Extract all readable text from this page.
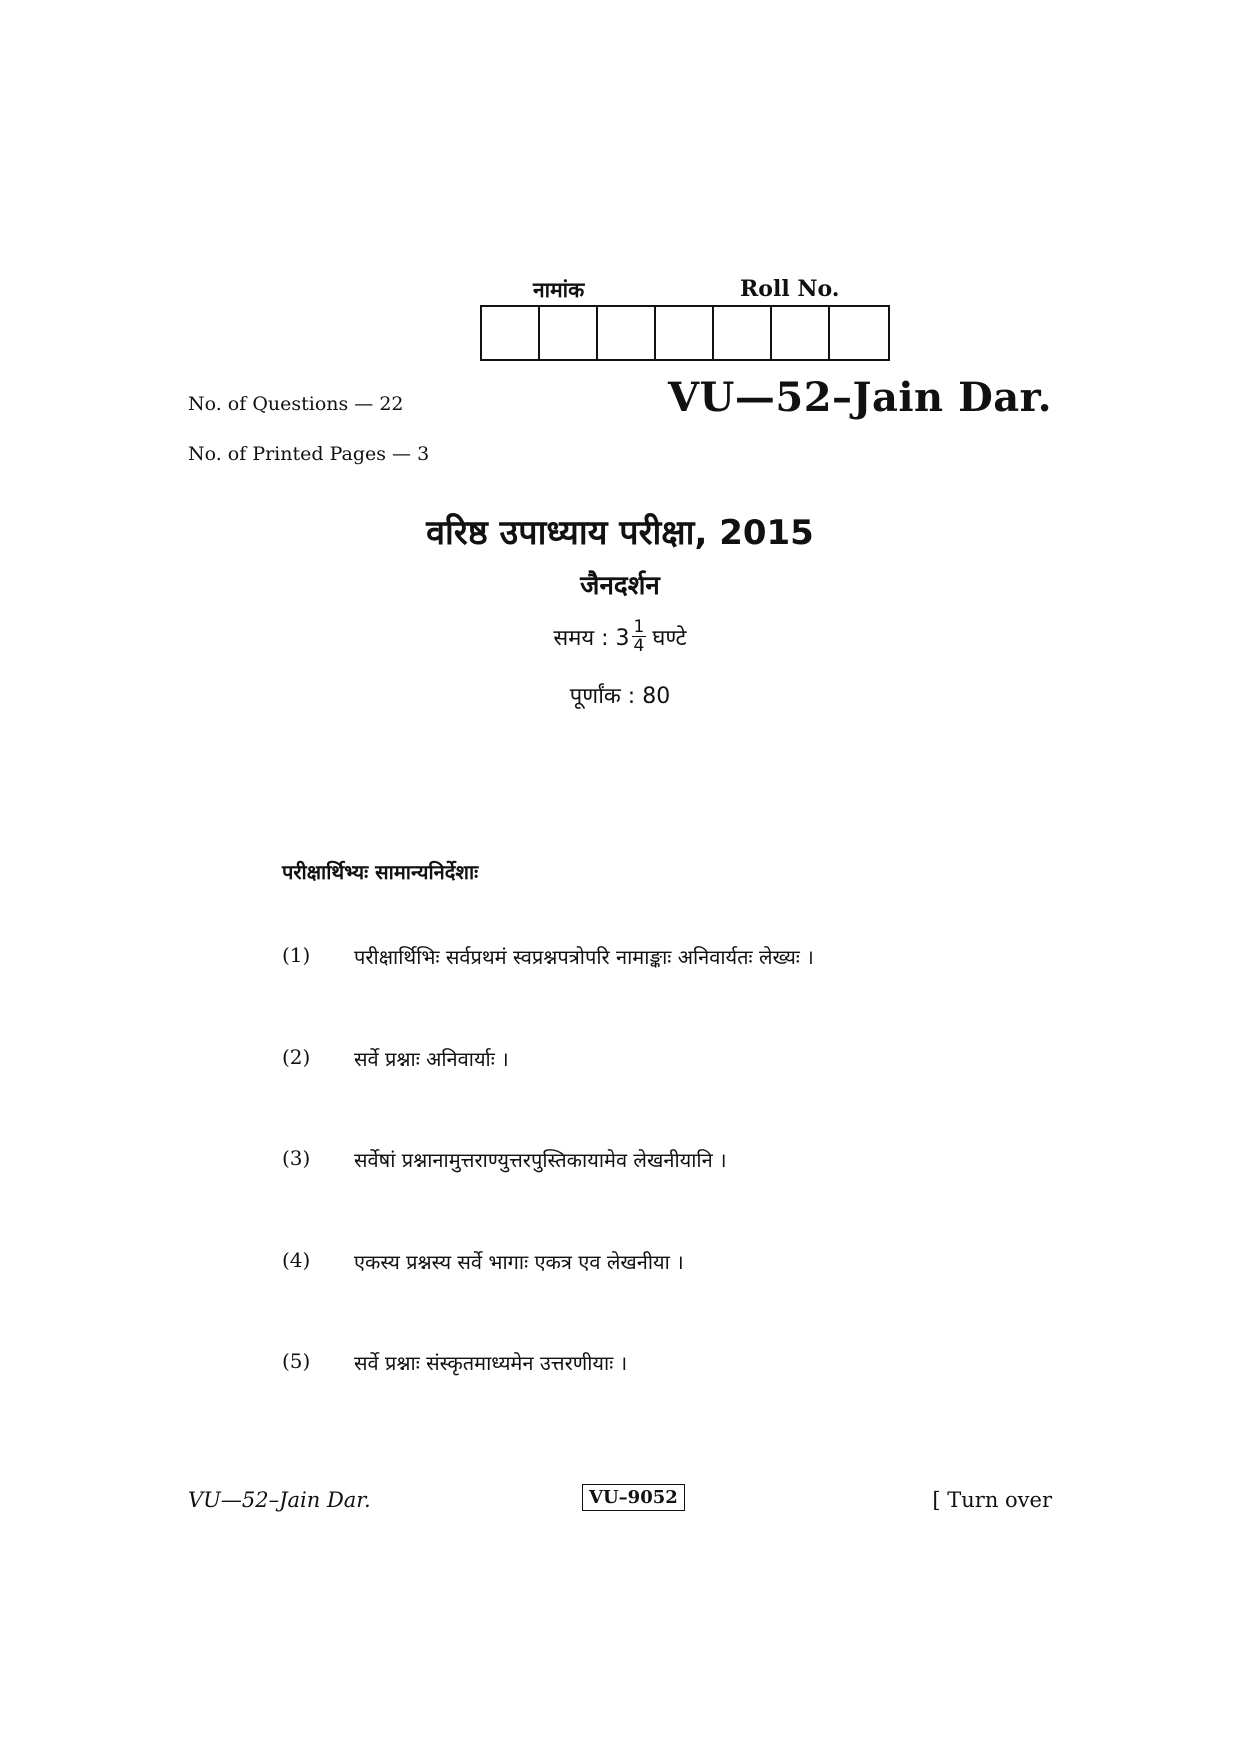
नामांक	Roll No.
No. of Questions — 22	VU—52–Jain Dar.
No. of Printed Pages — 3
वरिष्ठ उपाध्याय परीक्षा, 2015
जैनदर्शन
समय : $3 \frac{1}{4}$ घण्टे
पूर्णांक : 80
परीक्षार्थिभ्यः सामान्यनिर्देशाः
(1)	परीक्षार्थिभिः सर्वप्रथमं स्वप्रश्नपत्रोपरि नामाङ्काः अनिवार्यतः लेख्यः ।
(2)	सर्वे प्रश्नाः अनिवार्याः ।
(3)	सर्वेषां प्रश्नानामुत्तराण्युत्तरपुस्तिकायामेव लेखनीयानि ।
(4)	एकस्य प्रश्नस्य सर्वे भागाः एकत्र एव लेखनीया ।
(5)	सर्वे प्रश्नाः संस्कृतमाध्यमेन उत्तरणीयाः ।
VU—52–Jain Dar.	VU–9052	[ Turn over
